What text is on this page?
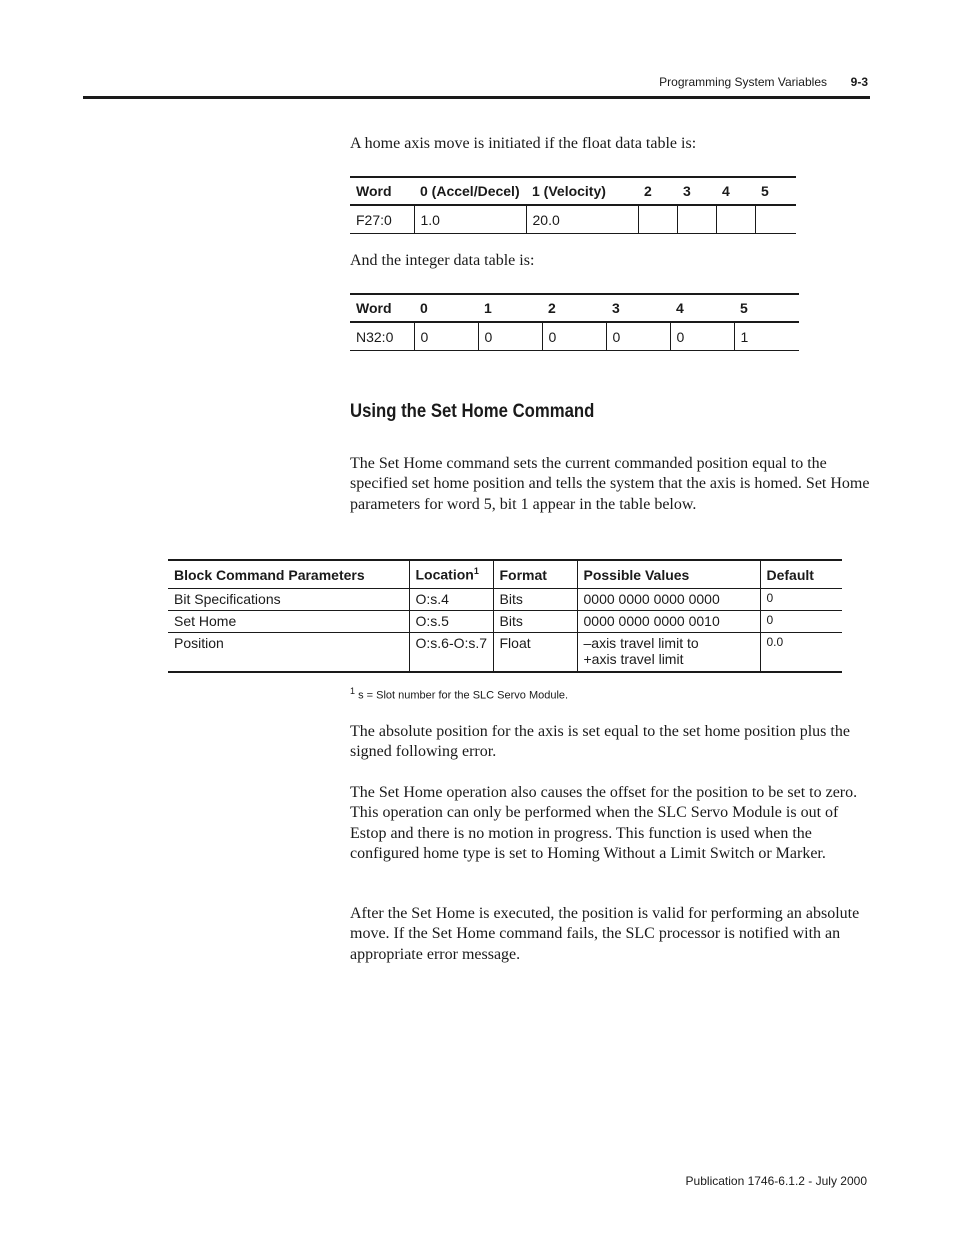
Programming System Variables 9-3
A home axis move is initiated if the float data table is:
Word	0 (Accel/Decel)	1 (Velocity)	2	3	4	5
F27:0	1.0	20.0				
And the integer data table is:
Word	0	1	2	3	4	5
N32:0	0	0	0	0	0	1
Using the Set Home Command
The Set Home command sets the current commanded position equal to the specified set home position and tells the system that the axis is homed. Set Home parameters for word 5, bit 1 appear in the table below.
Block Command Parameters	Location$^1$	Format	Possible Values	Default
Bit Specifications	O:s.4	Bits	0000 0000 0000 0000	0
Set Home	O:s.5	Bits	0000 0000 0000 0010	0
Position	O:s.6-O:s.7	Float	–axis travel limit to
+axis travel limit	0.0
$^1$ s = Slot number for the SLC Servo Module.
The absolute position for the axis is set equal to the set home position plus the signed following error.
The Set Home operation also causes the offset for the position to be set to zero. This operation can only be performed when the SLC Servo Module is out of Estop and there is no motion in progress. This function is used when the configured home type is set to Homing Without a Limit Switch or Marker.
After the Set Home is executed, the position is valid for performing an absolute move. If the Set Home command fails, the SLC processor is notified with an appropriate error message.
Publication 1746-6.1.2 - July 2000
